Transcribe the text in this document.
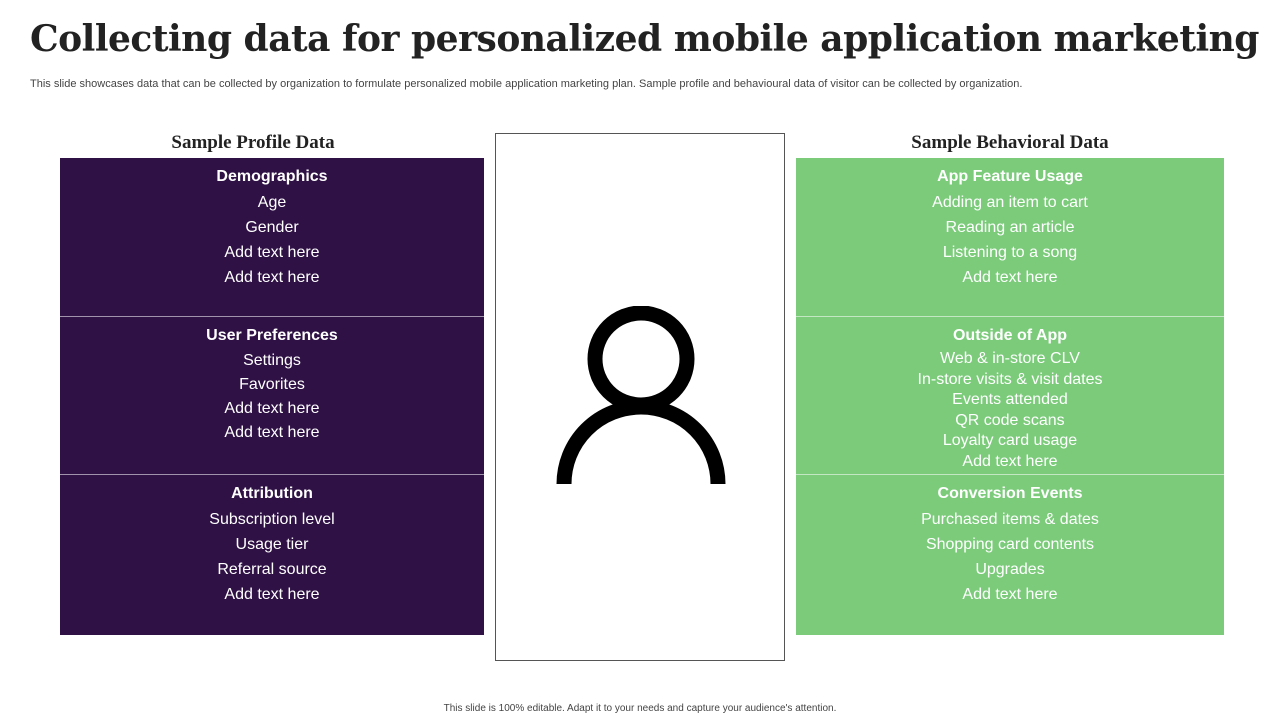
Collecting data for personalized mobile application marketing
This slide showcases data that can be collected by organization to formulate personalized mobile application marketing plan. Sample profile and behavioural data of visitor can be collected by organization.
Sample Profile Data	Sample Behavioral Data
Demographics
Age
Gender
Add text here
Add text here
User Preferences
Settings
Favorites
Add text here
Add text here
Attribution
Subscription level
Usage tier
Referral source
Add text here
App Feature Usage
Adding an item to cart
Reading an article
Listening to a song
Add text here
Outside of App
Web & in-store CLV
In-store visits & visit dates
Events attended
QR code scans
Loyalty card usage
Add text here
Conversion Events
Purchased items & dates
Shopping card contents
Upgrades
Add text here
This slide is 100% editable. Adapt it to your needs and capture your audience's attention.
